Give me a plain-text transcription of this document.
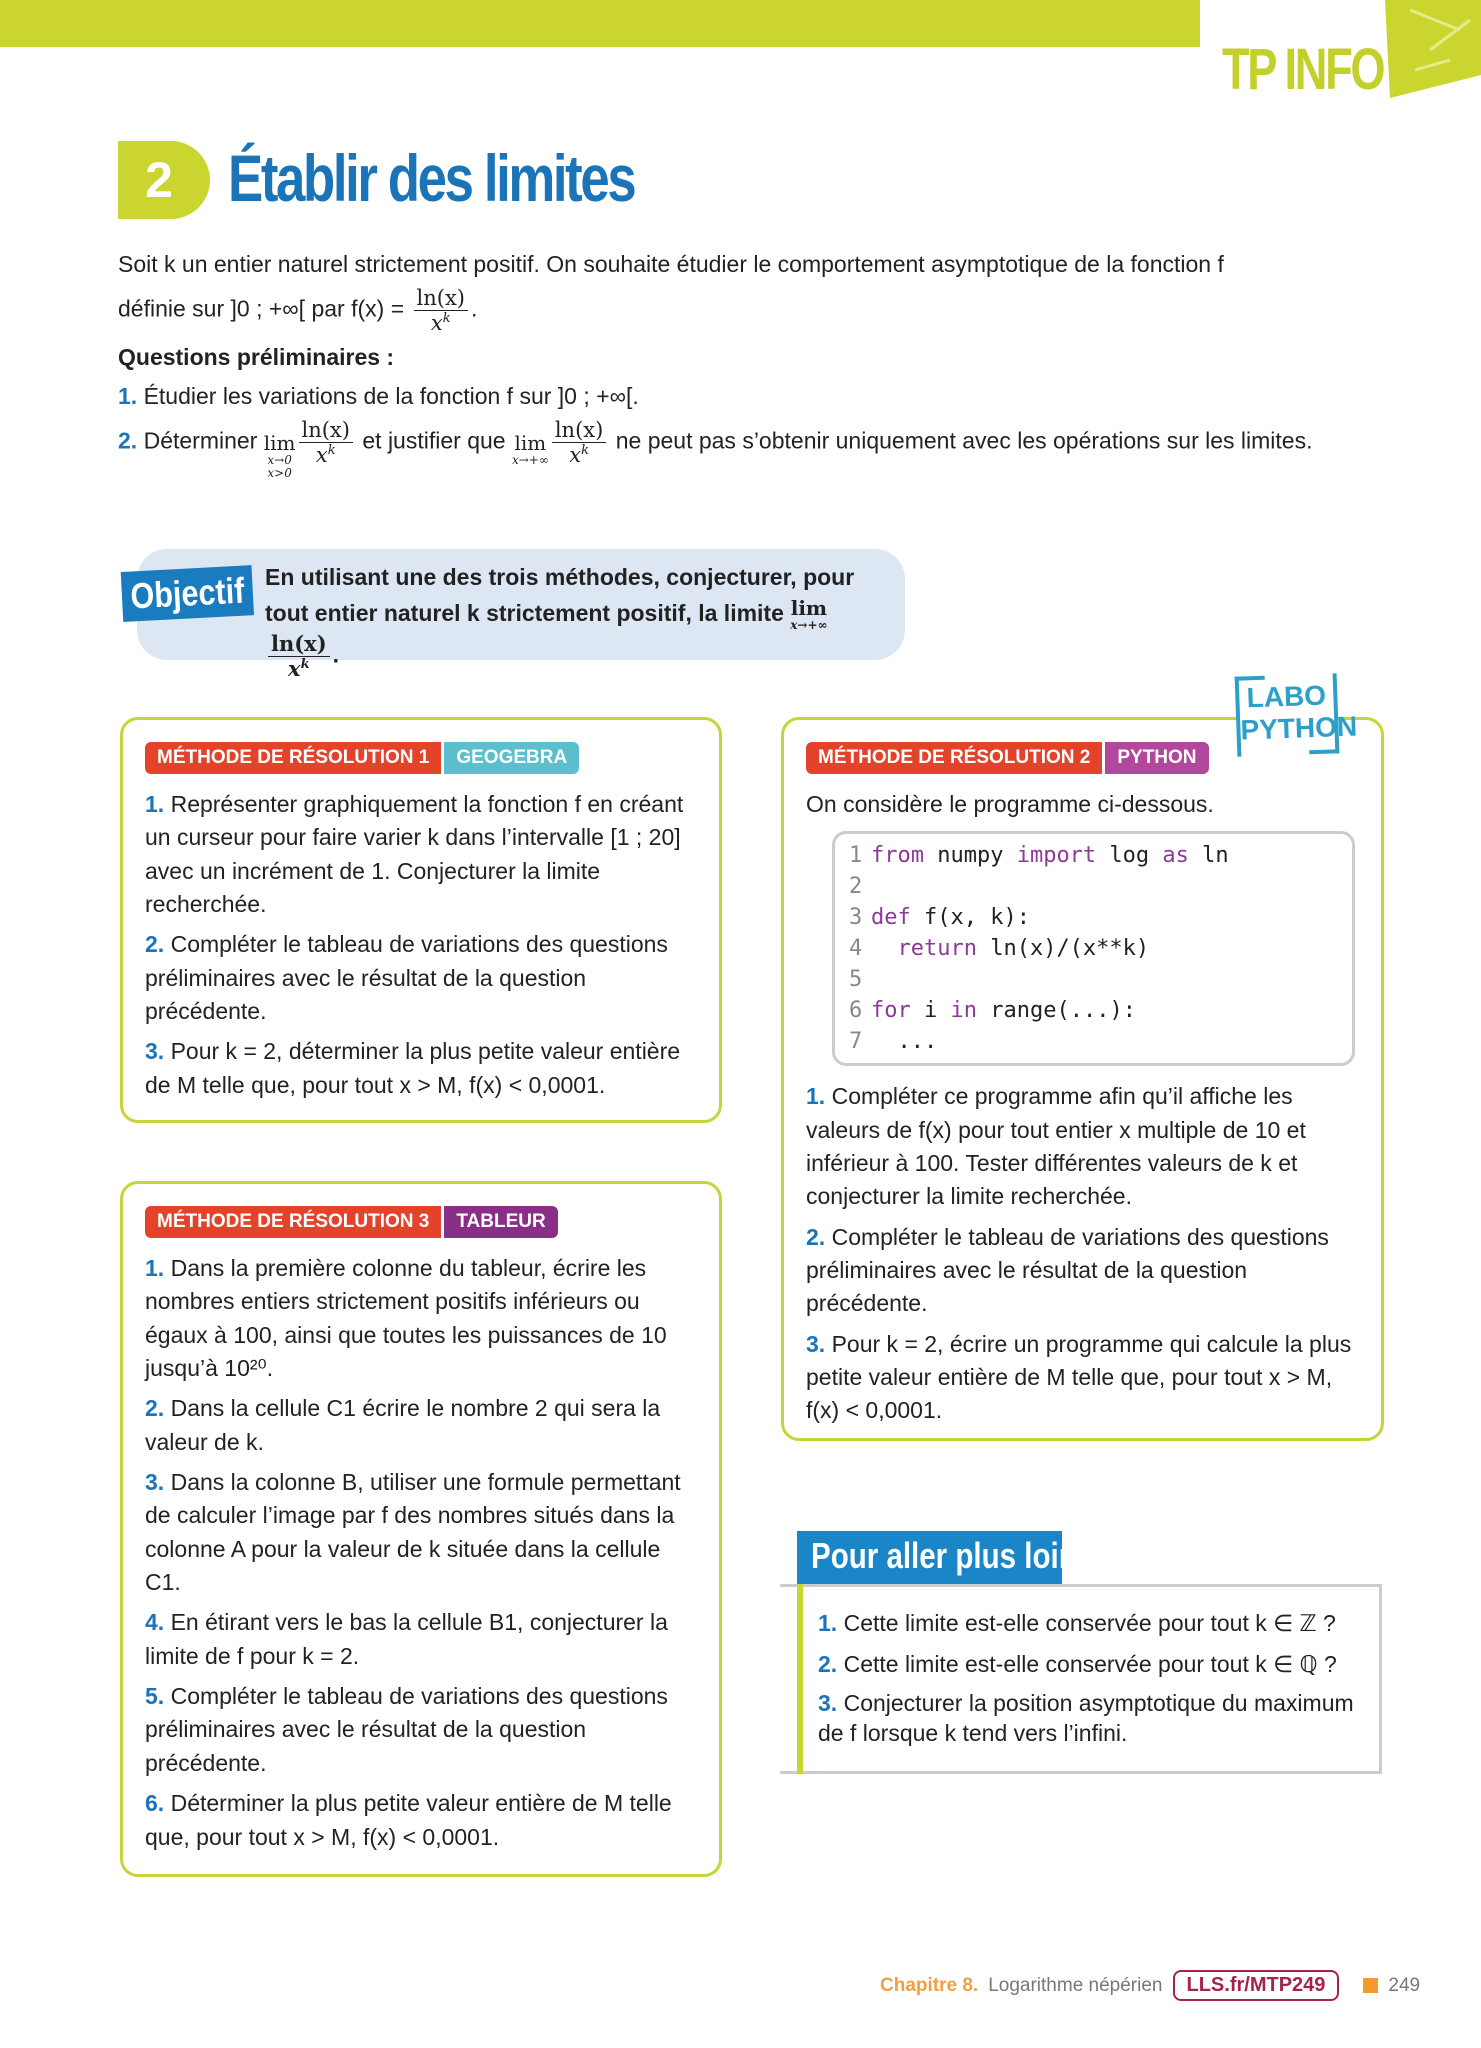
TP INFO
2 Établir des limites

Soit k un entier naturel strictement positif. On souhaite étudier le comportement asymptotique de la fonction f

définie sur ]0 ; +∞[ par $f(x) = \frac{\ln(x)}{x^k}$ .

Questions préliminaires :

1. Étudier les variations de la fonction f sur ]0 ; +∞[.

2. Déterminer lim
x→0
x>0
$\frac{\ln(x)}{x^k}$ et justifier que lim
$x\to+\infty \frac{\ln(x)}{x^k}$ ne peut pas s’obtenir uniquement avec les opérations sur les limites.

Objectif En utilisant une des trois méthodes, conjecturer, pour tout entier naturel k strictement positif, la limite lim
x→+∞
$\frac{\ln(x)}{x^k}$ .
MÉTHODE DE RÉSOLUTION 1	GEOGEBRA

1. Représenter graphiquement la fonction f en créant un curseur pour faire varier k dans l’intervalle [1 ; 20] avec un incrément de 1. Conjecturer la limite recherchée.

2. Compléter le tableau de variations des questions préliminaires avec le résultat de la question précédente.

3. Pour k = 2, déterminer la plus petite valeur entière de M telle que, pour tout x > M, f(x) < 0,0001.

MÉTHODE DE RÉSOLUTION 2	PYTHON

On considère le programme ci-dessous.

1 from numpy import log as ln
2
3 def f(x, k):
4  return ln(x)/(x**k)
5
6 for i in range(...):
7  ...

1. Compléter ce programme afin qu’il affiche les valeurs de f(x) pour tout entier x multiple de 10 et inférieur à 100. Tester différentes valeurs de k et conjecturer la limite recherchée.

2. Compléter le tableau de variations des questions préliminaires avec le résultat de la question précédente.

3. Pour k = 2, écrire un programme qui calcule la plus petite valeur entière de M telle que, pour tout x > M, f(x) < 0,0001.

LABO
PYTHON
MÉTHODE DE RÉSOLUTION 3	TABLEUR

1. Dans la première colonne du tableur, écrire les nombres entiers strictement positifs inférieurs ou égaux à 100, ainsi que toutes les puissances de 10 jusqu’à 10²⁰.

2. Dans la cellule C1 écrire le nombre 2 qui sera la valeur de k.

3. Dans la colonne B, utiliser une formule permettant de calculer l’image par f des nombres situés dans la colonne A pour la valeur de k située dans la cellule C1.

4. En étirant vers le bas la cellule B1, conjecturer la limite de f pour k = 2.

5. Compléter le tableau de variations des questions préliminaires avec le résultat de la question précédente.

6. Déterminer la plus petite valeur entière de M telle que, pour tout x > M, f(x) < 0,0001.

1. Cette limite est-elle conservée pour tout k ∈ ℤ ?

2. Cette limite est-elle conservée pour tout k ∈ ℚ ?

3. Conjecturer la position asymptotique du maximum de f lorsque k tend vers l’infini.

Pour aller plus loin
Chapitre 8. Logarithme népérien	LLS.fr/MTP249	249
